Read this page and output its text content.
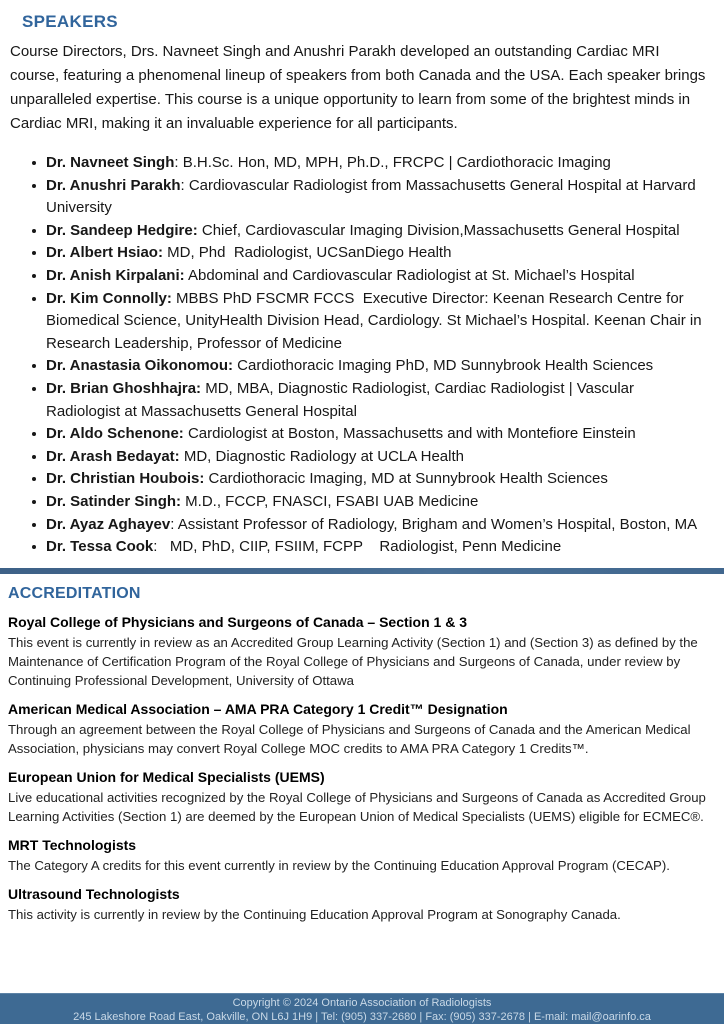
SPEAKERS

Course Directors, Drs. Navneet Singh and Anushri Parakh developed an outstanding Cardiac MRI course, featuring a phenomenal lineup of speakers from both Canada and the USA. Each speaker brings unparalleled expertise. This course is a unique opportunity to learn from some of the brightest minds in Cardiac MRI, making it an invaluable experience for all participants.

Dr. Navneet Singh: B.H.Sc. Hon, MD, MPH, Ph.D., FRCPC | Cardiothoracic Imaging
Dr. Anushri Parakh: Cardiovascular Radiologist from Massachusetts General Hospital at Harvard University
Dr. Sandeep Hedgire: Chief, Cardiovascular Imaging Division,Massachusetts General Hospital
Dr. Albert Hsiao: MD, Phd  Radiologist, UCSanDiego Health
Dr. Anish Kirpalani: Abdominal and Cardiovascular Radiologist at St. Michael’s Hospital
Dr. Kim Connolly: MBBS PhD FSCMR FCCS  Executive Director: Keenan Research Centre for Biomedical Science, UnityHealth Division Head, Cardiology. St Michael’s Hospital. Keenan Chair in Research Leadership, Professor of Medicine
Dr. Anastasia Oikonomou: Cardiothoracic Imaging PhD, MD Sunnybrook Health Sciences
Dr. Brian Ghoshhajra: MD, MBA, Diagnostic Radiologist, Cardiac Radiologist | Vascular Radiologist at Massachusetts General Hospital
Dr. Aldo Schenone: Cardiologist at Boston, Massachusetts and with Montefiore Einstein
Dr. Arash Bedayat: MD, Diagnostic Radiology at UCLA Health
Dr. Christian Houbois: Cardiothoracic Imaging, MD at Sunnybrook Health Sciences
Dr. Satinder Singh: M.D., FCCP, FNASCI, FSABI UAB Medicine
Dr. Ayaz Aghayev: Assistant Professor of Radiology, Brigham and Women’s Hospital, Boston, MA
Dr. Tessa Cook:   MD, PhD, CIIP, FSIIM, FCPP    Radiologist, Penn Medicine
ACCREDITATION
Royal College of Physicians and Surgeons of Canada – Section 1 & 3

This event is currently in review as an Accredited Group Learning Activity (Section 1) and (Section 3) as defined by the Maintenance of Certification Program of the Royal College of Physicians and Surgeons of Canada, under review by Continuing Professional Development, University of Ottawa

American Medical Association – AMA PRA Category 1 Credit™ Designation

Through an agreement between the Royal College of Physicians and Surgeons of Canada and the American Medical Association, physicians may convert Royal College MOC credits to AMA PRA Category 1 Credits™.

European Union for Medical Specialists (UEMS)

Live educational activities recognized by the Royal College of Physicians and Surgeons of Canada as Accredited Group Learning Activities (Section 1) are deemed by the European Union of Medical Specialists (UEMS) eligible for ECMEC®.

MRT Technologists

The Category A credits for this event currently in review by the Continuing Education Approval Program (CECAP).

Ultrasound Technologists

This activity is currently in review by the Continuing Education Approval Program at Sonography Canada.

Copyright © 2024 Ontario Association of Radiologists
245 Lakeshore Road East, Oakville, ON L6J 1H9 | Tel: (905) 337-2680 | Fax: (905) 337-2678 | E-mail: mail@oarinfo.ca
